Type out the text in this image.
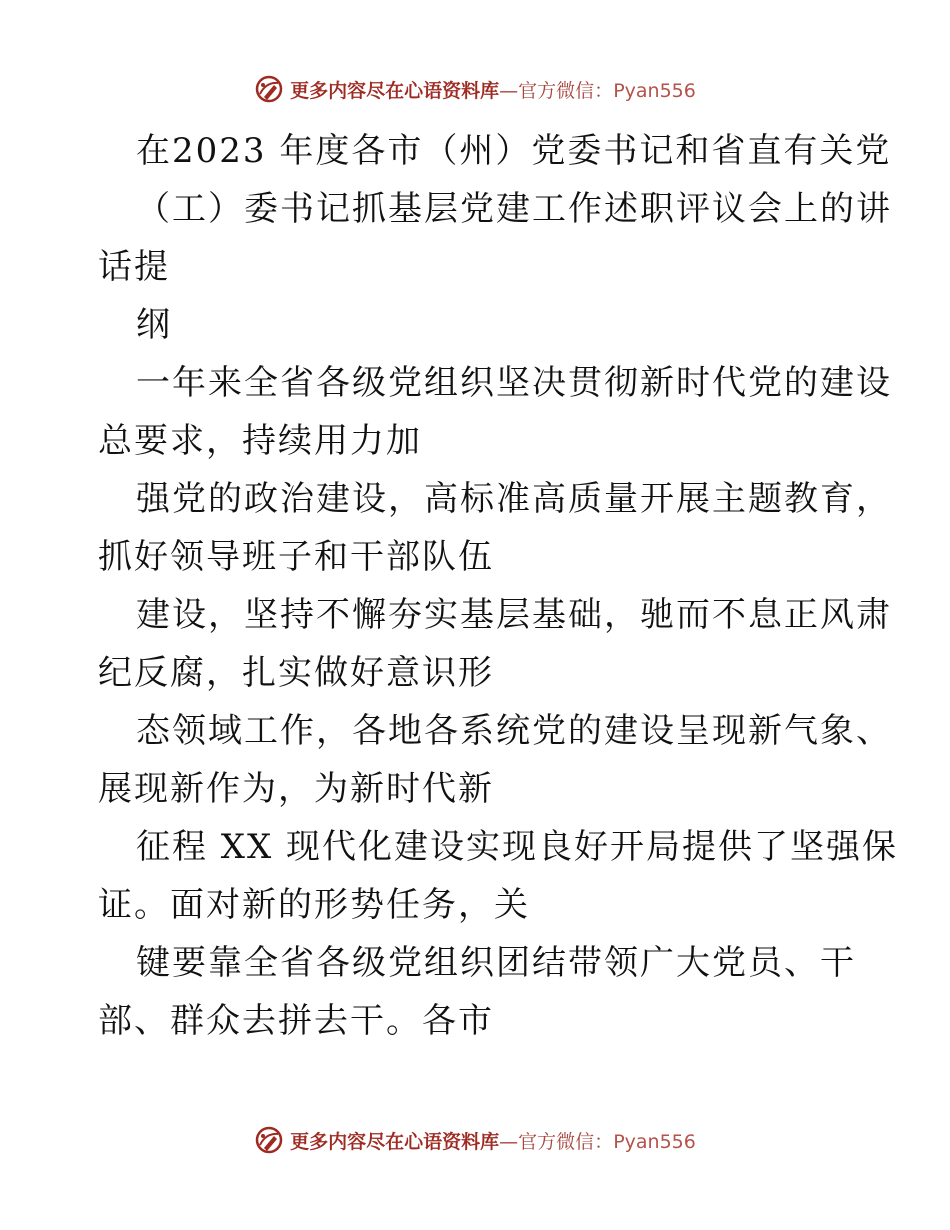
更多内容尽在心语资料库—官方微信：Pyan556
在2023 年度各市（州）党委书记和省直有关党
（工）委书记抓基层党建工作述职评议会上的讲
话提
纲
一年来全省各级党组织坚决贯彻新时代党的建设
总要求，持续用力加
强党的政治建设，高标准高质量开展主题教育，
抓好领导班子和干部队伍
建设，坚持不懈夯实基层基础，驰而不息正风肃
纪反腐，扎实做好意识形
态领域工作，各地各系统党的建设呈现新气象、
展现新作为，为新时代新
征程 XX 现代化建设实现良好开局提供了坚强保
证。面对新的形势任务，关
键要靠全省各级党组织团结带领广大党员、干
部、群众去拼去干。各市
更多内容尽在心语资料库—官方微信：Pyan556
